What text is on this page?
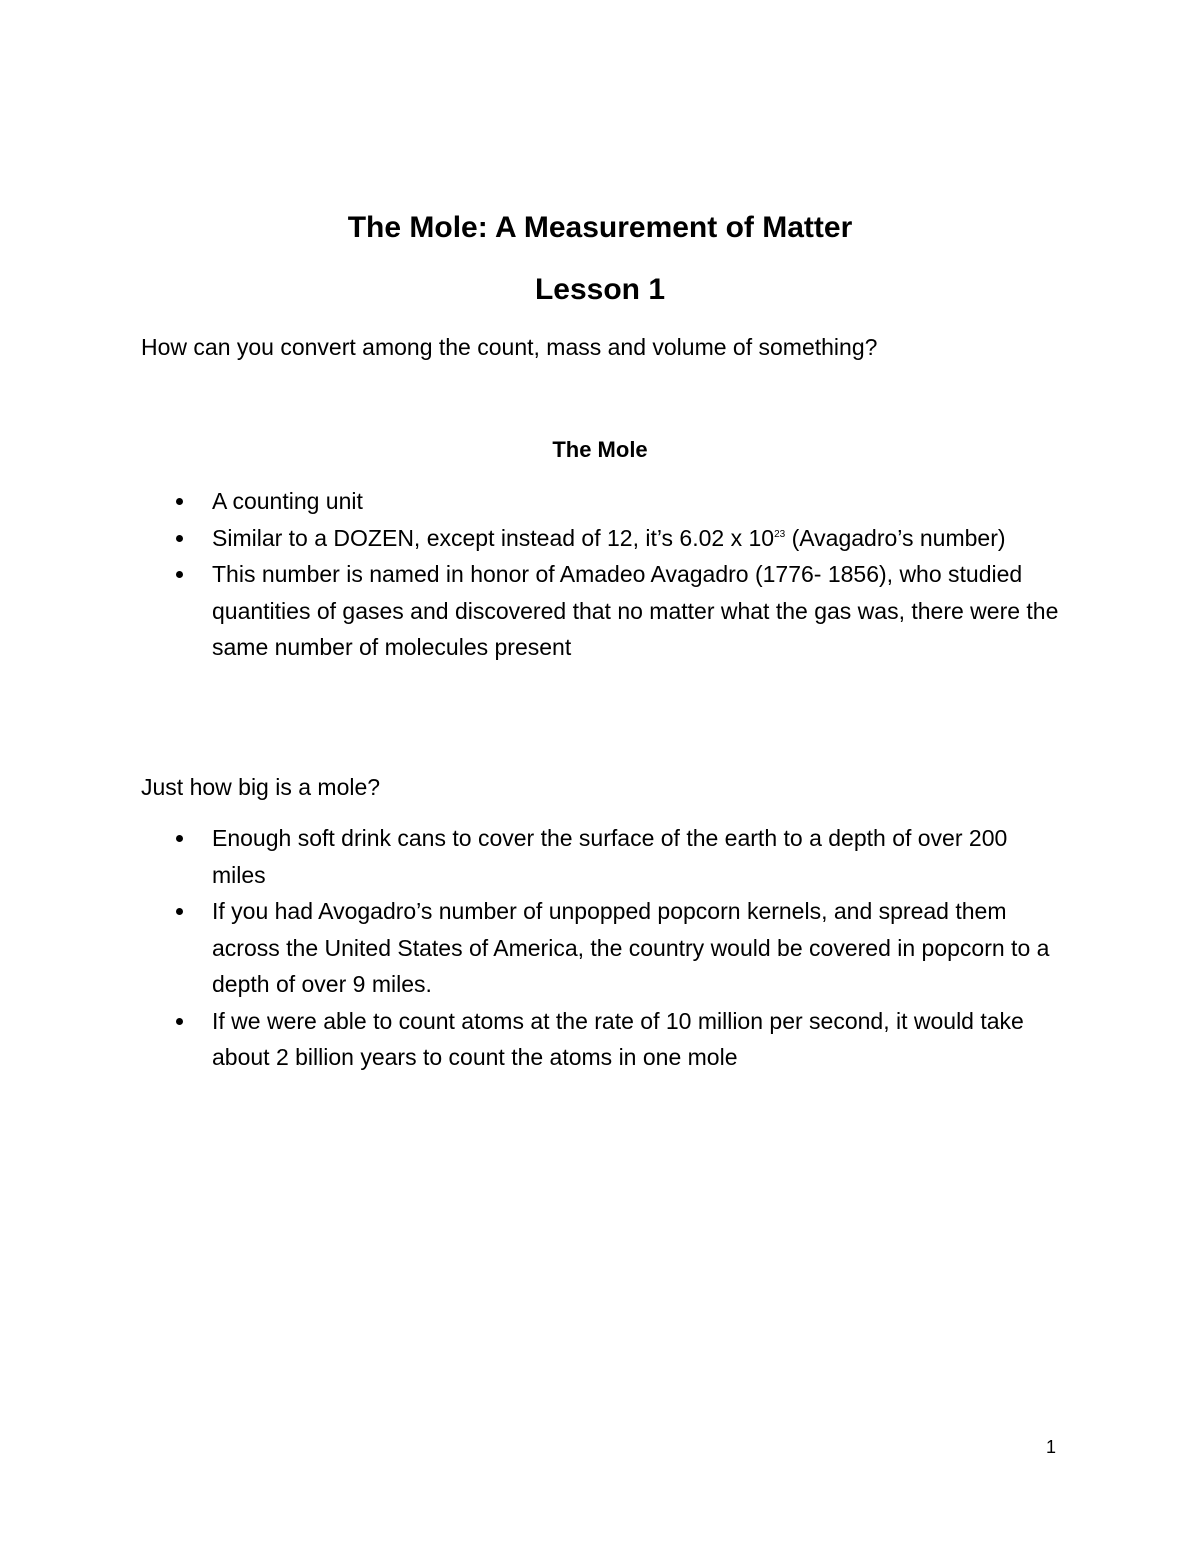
The Mole: A Measurement of Matter
Lesson 1

How can you convert among the count, mass and volume of something?

The Mole
A counting unit
Similar to a DOZEN, except instead of 12, it’s 6.02 x $10^{23}$ (Avagadro’s number)
This number is named in honor of Amadeo Avagadro (1776- 1856), who studied quantities of gases and discovered that no matter what the gas was, there were the same number of molecules present

Just how big is a mole?

Enough soft drink cans to cover the surface of the earth to a depth of over 200 miles
If you had Avogadro’s number of unpopped popcorn kernels, and spread them across the United States of America, the country would be covered in popcorn to a depth of over 9 miles.
If we were able to count atoms at the rate of 10 million per second, it would take about 2 billion years to count the atoms in one mole

1
